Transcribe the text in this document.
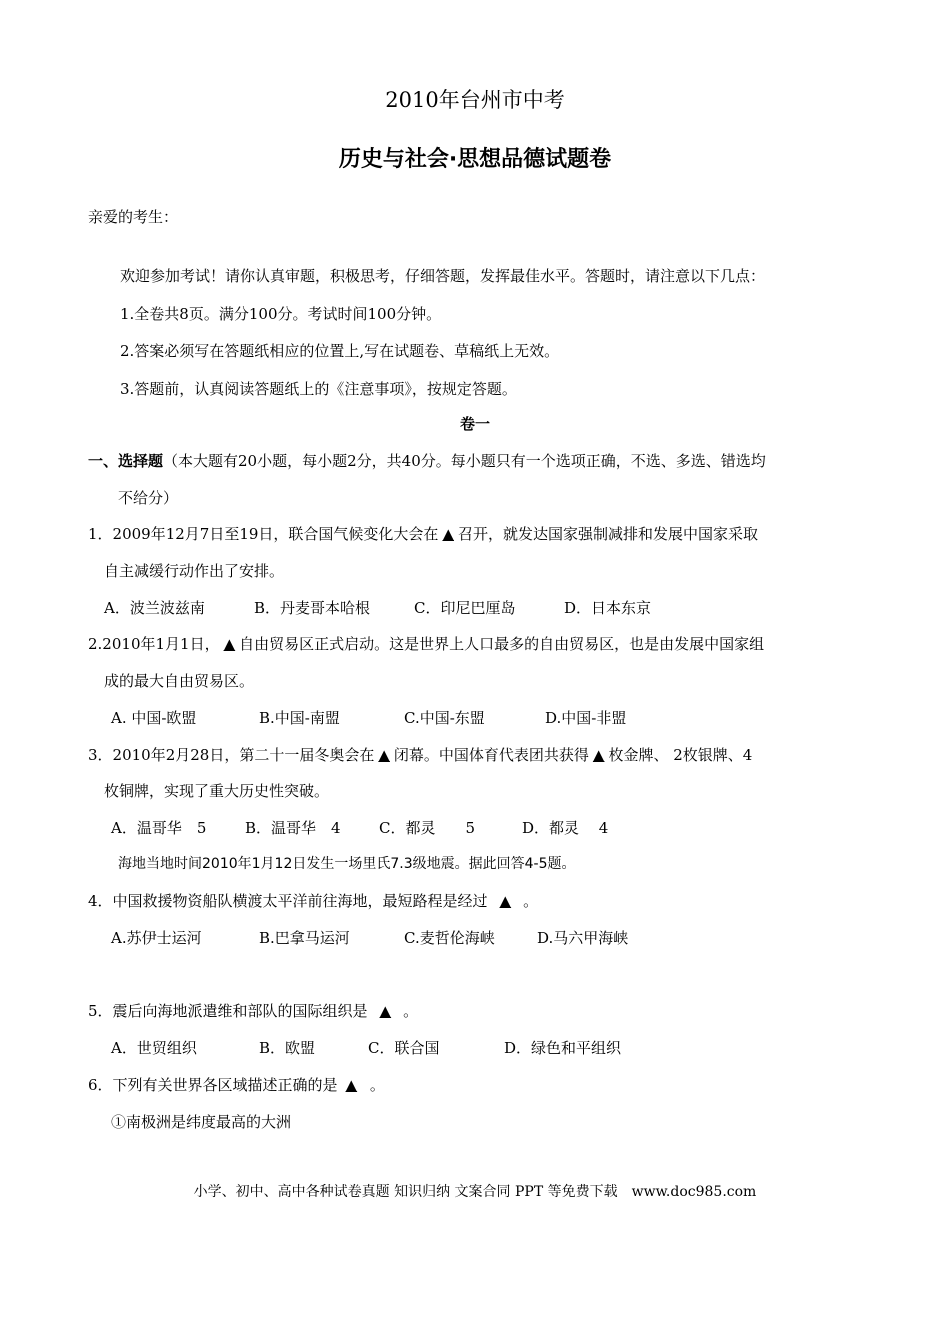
2010年台州市中考
历史与社会·思想品德试题卷
亲爱的考生：
欢迎参加考试！请你认真审题，积极思考，仔细答题，发挥最佳水平。答题时，请注意以下几点：
1.全卷共8页。满分100分。考试时间100分钟。
2.答案必须写在答题纸相应的位置上,写在试题卷、草稿纸上无效。
3.答题前，认真阅读答题纸上的《注意事项》，按规定答题。
卷一
一、选择题（本大题有20小题，每小题2分，共40分。每小题只有一个选项正确，不选、多选、错选均
不给分）
1．2009年12月7日至19日，联合国气候变化大会在 ▲ 召开，就发达国家强制减排和发展中国家采取
自主减缓行动作出了安排。
A．波兰波兹南	B．丹麦哥本哈根	C．印尼巴厘岛	D．日本东京
2.2010年1月1日， ▲ 自由贸易区正式启动。这是世界上人口最多的自由贸易区，也是由发展中国家组
成的最大自由贸易区。
A. 中国-欧盟	B.中国-南盟	C.中国-东盟	D.中国-非盟
3．2010年2月28日，第二十一届冬奥会在 ▲ 闭幕。中国体育代表团共获得 ▲ 枚金牌、 2枚银牌、4
枚铜牌，实现了重大历史性突破。
A．温哥华　5	B．温哥华　4	C．都灵　　5	D．都灵　 4
海地当地时间2010年1月12日发生一场里氏7.3级地震。据此回答4-5题。
4．中国救援物资船队横渡太平洋前往海地，最短路程是经过 ▲ 。
A.苏伊士运河	B.巴拿马运河	C.麦哲伦海峡	D.马六甲海峡
5．震后向海地派遣维和部队的国际组织是 ▲ 。
A．世贸组织	B．欧盟	C．联合国	D．绿色和平组织
6．下列有关世界各区域描述正确的是 ▲ 。
①南极洲是纬度最高的大洲
小学、初中、高中各种试卷真题 知识归纳 文案合同 PPT 等免费下载　www.doc985.com
